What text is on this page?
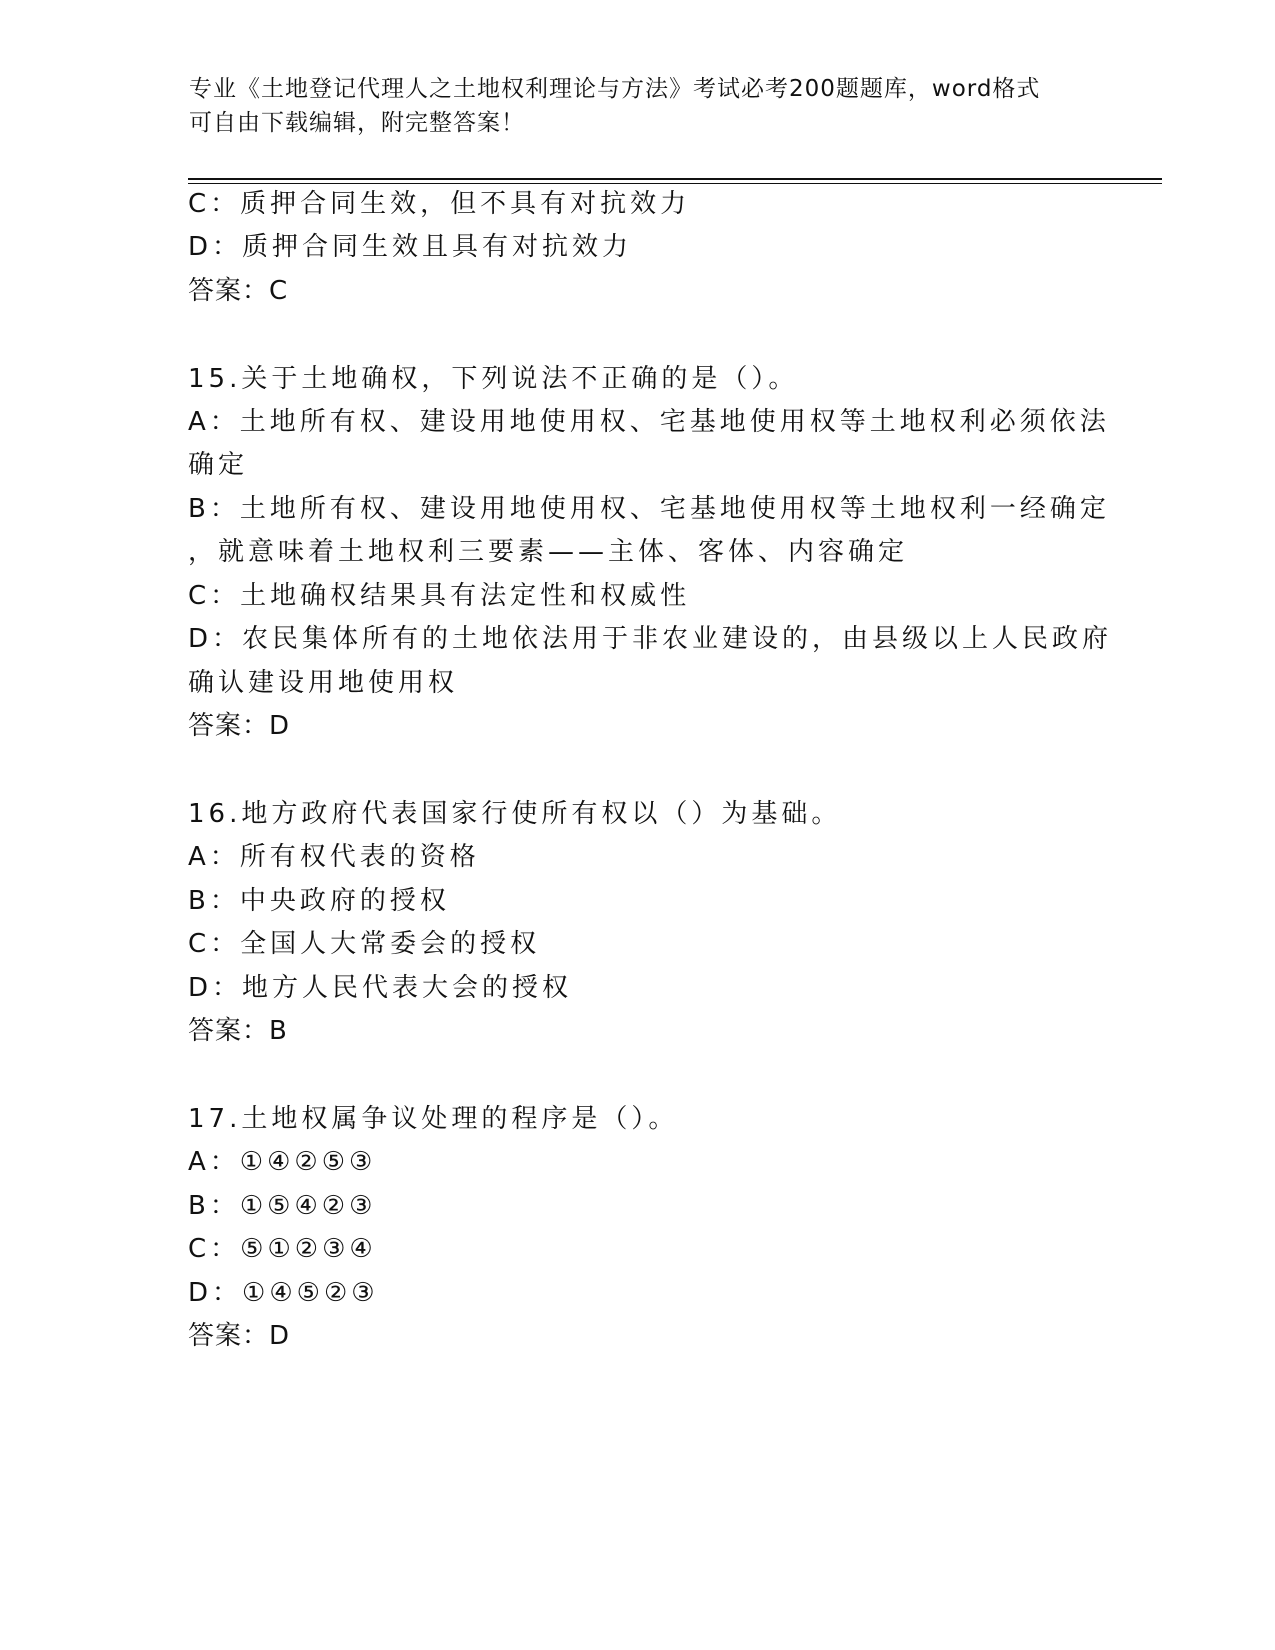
专业《土地登记代理人之土地权利理论与方法》考试必考200题题库，word格式
可自由下载编辑，附完整答案！
C：质押合同生效，但不具有对抗效力
D：质押合同生效且具有对抗效力
答案：C
15.关于土地确权，下列说法不正确的是（）。
A：土地所有权、建设用地使用权、宅基地使用权等土地权利必须依法
确定
B：土地所有权、建设用地使用权、宅基地使用权等土地权利一经确定
，就意味着土地权利三要素——主体、客体、内容确定
C：土地确权结果具有法定性和权威性
D：农民集体所有的土地依法用于非农业建设的，由县级以上人民政府
确认建设用地使用权
答案：D
16.地方政府代表国家行使所有权以（）为基础。
A：所有权代表的资格
B：中央政府的授权
C：全国人大常委会的授权
D：地方人民代表大会的授权
答案：B
17.土地权属争议处理的程序是（）。
A：①④②⑤③
B：①⑤④②③
C：⑤①②③④
D：①④⑤②③
答案：D
